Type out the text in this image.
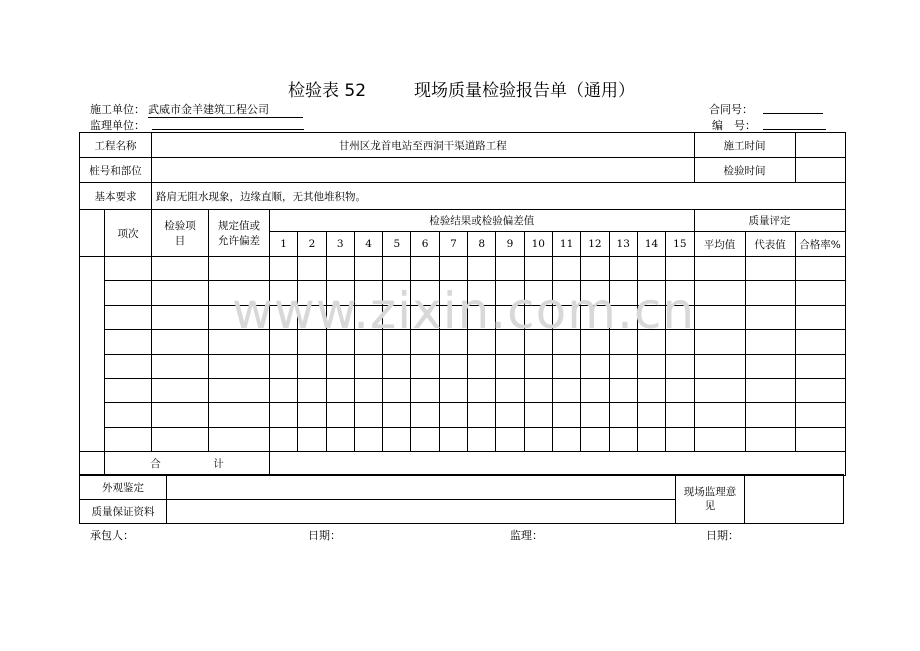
检验表 52	现场质量检验报告单（通用）
施工单位： 武威市金羊建筑工程公司
监理单位：
合同号：
编　号：
工程名称		甘州区龙首电站至西洞干渠道路工程																	施工时间		
桩号和部位																			检验时间		
基本要求		路肩无阻水现象，边缘直顺，无其他堆积物。																			
	项次	检验项目	规定值或允许偏差	检验结果或检验偏差值															质量评定		
				1	2	3	4	5	6	7	8	9	10	11	12	13	14	15	平均值	代表值	合格率%

	合　　　　　计																				
外观鉴定		现场监理意　　见	
质量保证资料			
承包人：	日期：	监理：	日期：
www.zixin.com.cn
